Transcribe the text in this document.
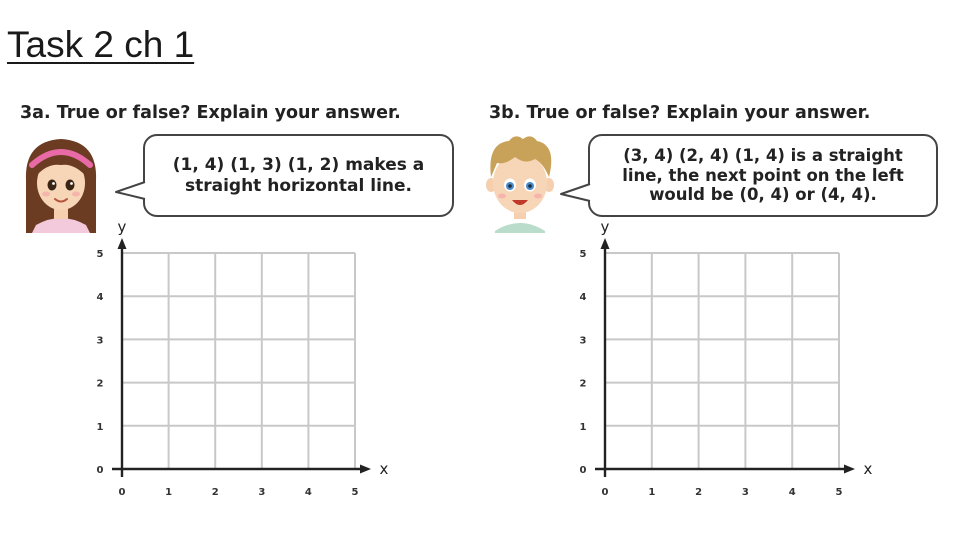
Task 2 ch 1
3a. True or false? Explain your answer.	3b. True or false? Explain your answer.
(1, 4) (1, 3) (1, 2) makes a straight horizontal line.
(3, 4) (2, 4) (1, 4) is a straight line, the next point on the left would be (0, 4) or (4, 4).
0	1	2	3	4	5
0
1
2
3
4
5
x
y
0	1	2	3	4	5
0
1
2
3
4
5
x
y
